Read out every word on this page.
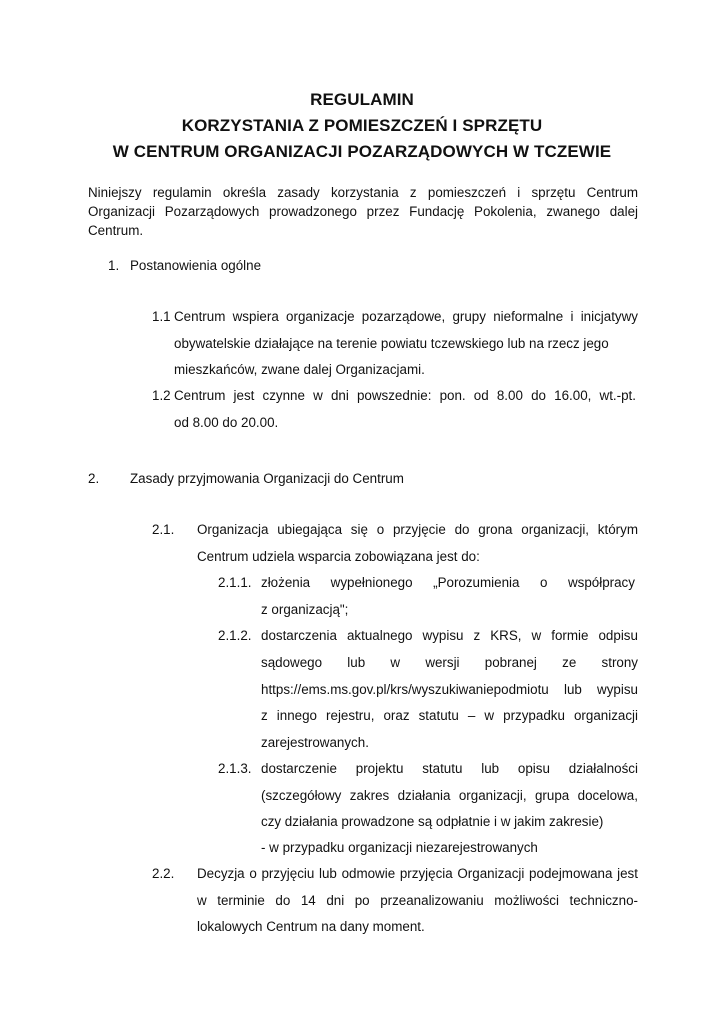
REGULAMIN
KORZYSTANIA Z POMIESZCZEŃ I SPRZĘTU
W CENTRUM ORGANIZACJI POZARZĄDOWYCH W TCZEWIE
Niniejszy regulamin określa zasady korzystania z pomieszczeń i sprzętu Centrum Organizacji Pozarządowych prowadzonego przez Fundację Pokolenia, zwanego dalej Centrum.
1. Postanowienia ogólne
1.1 Centrum wspiera organizacje pozarządowe, grupy nieformalne i inicjatywy
obywatelskie działające na terenie powiatu tczewskiego lub na rzecz jego
mieszkańców, zwane dalej Organizacjami.
1.2 Centrum jest czynne w dni powszednie: pon. od 8.00 do 16.00, wt.-pt.
od 8.00 do 20.00.
2. Zasady przyjmowania Organizacji do Centrum
2.1. Organizacja ubiegająca się o przyjęcie do grona organizacji, którym
Centrum udziela wsparcia zobowiązana jest do:
2.1.1. złożenia wypełnionego „Porozumienia o współpracy
z organizacją";
2.1.2. dostarczenia aktualnego wypisu z KRS, w formie odpisu
sądowego lub w wersji pobranej ze strony
https://ems.ms.gov.pl/krs/wyszukiwaniepodmiotu lub wypisu
z innego rejestru, oraz statutu – w przypadku organizacji
zarejestrowanych.
2.1.3. dostarczenie projektu statutu lub opisu działalności
(szczegółowy zakres działania organizacji, grupa docelowa,
czy działania prowadzone są odpłatnie i w jakim zakresie)
- w przypadku organizacji niezarejestrowanych
2.2. Decyzja o przyjęciu lub odmowie przyjęcia Organizacji podejmowana jest
w terminie do 14 dni po przeanalizowaniu możliwości techniczno-
lokalowych Centrum na dany moment.
